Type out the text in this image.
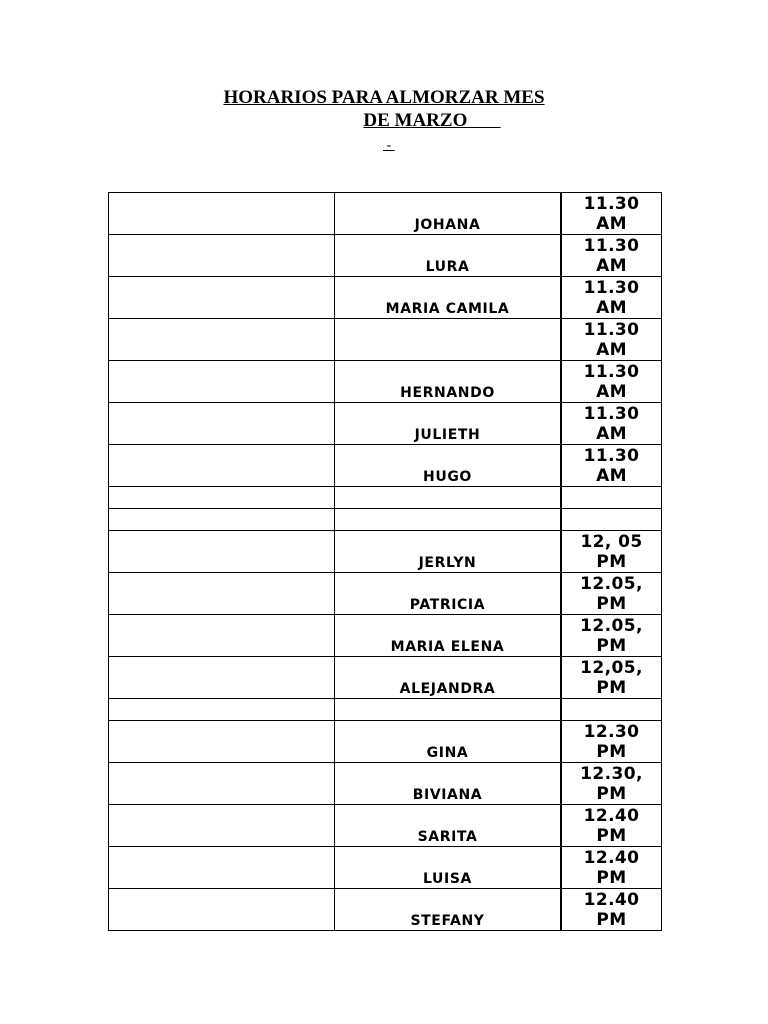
HORARIOS PARA ALMORZAR MES
DE MARZO
-
	JOHANA	11.30
AM

	LURA	11.30
AM

	MARIA CAMILA	11.30
AM

		11.30
AM

	HERNANDO	11.30
AM

	JULIETH	11.30
AM

	HUGO	11.30
AM

	JERLYN	12, 05
PM

	PATRICIA	12.05,
PM

	MARIA ELENA	12.05,
PM

	ALEJANDRA	12,05,
PM

	GINA	12.30
PM

	BIVIANA	12.30,
PM

	SARITA	12.40
PM

	LUISA	12.40
PM

	STEFANY	12.40
PM
